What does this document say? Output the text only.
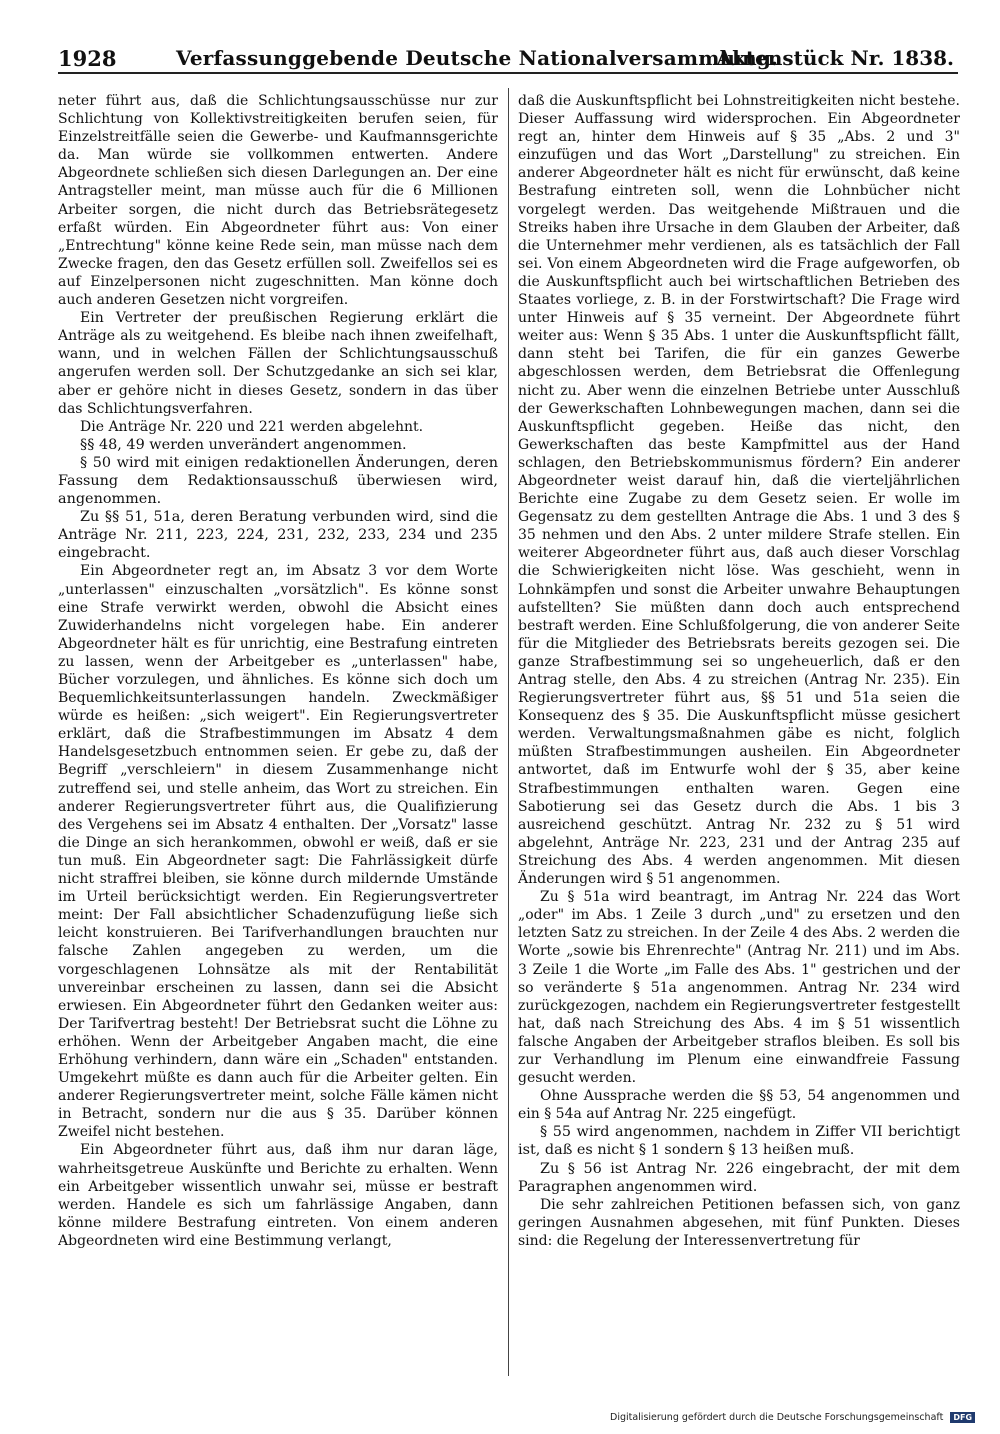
1928	Verfassunggebende Deutsche Nationalversammlung.
Aktenstück Nr. 1838.

neter führt aus, daß die Schlichtungsausschüsse nur zur Schlichtung von Kollektivstreitigkeiten berufen seien, für Einzelstreitfälle seien die Gewerbe- und Kaufmannsgerichte da. Man würde sie vollkommen entwerten. Andere Abgeordnete schließen sich diesen Darlegungen an. Der eine Antragsteller meint, man müsse auch für die 6 Millionen Arbeiter sorgen, die nicht durch das Betriebsrätegesetz erfaßt würden. Ein Abgeordneter führt aus: Von einer „Entrechtung" könne keine Rede sein, man müsse nach dem Zwecke fragen, den das Gesetz erfüllen soll. Zweifellos sei es auf Einzelpersonen nicht zugeschnitten. Man könne doch auch anderen Gesetzen nicht vorgreifen.

Ein Vertreter der preußischen Regierung erklärt die Anträge als zu weitgehend. Es bleibe nach ihnen zweifelhaft, wann, und in welchen Fällen der Schlichtungsausschuß angerufen werden soll. Der Schutzgedanke an sich sei klar, aber er gehöre nicht in dieses Gesetz, sondern in das über das Schlichtungsverfahren.

Die Anträge Nr. 220 und 221 werden abgelehnt.

§§ 48, 49 werden unverändert angenommen.

§ 50 wird mit einigen redaktionellen Änderungen, deren Fassung dem Redaktionsausschuß überwiesen wird, angenommen.

Zu §§ 51, 51a, deren Beratung verbunden wird, sind die Anträge Nr. 211, 223, 224, 231, 232, 233, 234 und 235 eingebracht.

Ein Abgeordneter regt an, im Absatz 3 vor dem Worte „unterlassen" einzuschalten „vorsätzlich". Es könne sonst eine Strafe verwirkt werden, obwohl die Absicht eines Zuwiderhandelns nicht vorgelegen habe. Ein anderer Abgeordneter hält es für unrichtig, eine Bestrafung eintreten zu lassen, wenn der Arbeitgeber es „unterlassen" habe, Bücher vorzulegen, und ähnliches. Es könne sich doch um Bequemlichkeitsunterlassungen handeln. Zweckmäßiger würde es heißen: „sich weigert". Ein Regierungsvertreter erklärt, daß die Strafbestimmungen im Absatz 4 dem Handelsgesetzbuch entnommen seien. Er gebe zu, daß der Begriff „verschleiern" in diesem Zusammenhange nicht zutreffend sei, und stelle anheim, das Wort zu streichen. Ein anderer Regierungsvertreter führt aus, die Qualifizierung des Vergehens sei im Absatz 4 enthalten. Der „Vorsatz" lasse die Dinge an sich herankommen, obwohl er weiß, daß er sie tun muß. Ein Abgeordneter sagt: Die Fahrlässigkeit dürfe nicht straffrei bleiben, sie könne durch mildernde Umstände im Urteil berücksichtigt werden. Ein Regierungsvertreter meint: Der Fall absichtlicher Schadenzufügung ließe sich leicht konstruieren. Bei Tarifverhandlungen brauchten nur falsche Zahlen angegeben zu werden, um die vorgeschlagenen Lohnsätze als mit der Rentabilität unvereinbar erscheinen zu lassen, dann sei die Absicht erwiesen. Ein Abgeordneter führt den Gedanken weiter aus: Der Tarifvertrag besteht! Der Betriebsrat sucht die Löhne zu erhöhen. Wenn der Arbeitgeber Angaben macht, die eine Erhöhung verhindern, dann wäre ein „Schaden" entstanden. Umgekehrt müßte es dann auch für die Arbeiter gelten. Ein anderer Regierungsvertreter meint, solche Fälle kämen nicht in Betracht, sondern nur die aus § 35. Darüber können Zweifel nicht bestehen.

Ein Abgeordneter führt aus, daß ihm nur daran läge, wahrheitsgetreue Auskünfte und Berichte zu erhalten. Wenn ein Arbeitgeber wissentlich unwahr sei, müsse er bestraft werden. Handele es sich um fahrlässige Angaben, dann könne mildere Bestrafung eintreten. Von einem anderen Abgeordneten wird eine Bestimmung verlangt,

daß die Auskunftspflicht bei Lohnstreitigkeiten nicht bestehe. Dieser Auffassung wird widersprochen. Ein Abgeordneter regt an, hinter dem Hinweis auf § 35 „Abs. 2 und 3" einzufügen und das Wort „Darstellung" zu streichen. Ein anderer Abgeordneter hält es nicht für erwünscht, daß keine Bestrafung eintreten soll, wenn die Lohnbücher nicht vorgelegt werden. Das weitgehende Mißtrauen und die Streiks haben ihre Ursache in dem Glauben der Arbeiter, daß die Unternehmer mehr verdienen, als es tatsächlich der Fall sei. Von einem Abgeordneten wird die Frage aufgeworfen, ob die Auskunftspflicht auch bei wirtschaftlichen Betrieben des Staates vorliege, z. B. in der Forstwirtschaft? Die Frage wird unter Hinweis auf § 35 verneint. Der Abgeordnete führt weiter aus: Wenn § 35 Abs. 1 unter die Auskunftspflicht fällt, dann steht bei Tarifen, die für ein ganzes Gewerbe abgeschlossen werden, dem Betriebsrat die Offenlegung nicht zu. Aber wenn die einzelnen Betriebe unter Ausschluß der Gewerkschaften Lohnbewegungen machen, dann sei die Auskunftspflicht gegeben. Heiße das nicht, den Gewerkschaften das beste Kampfmittel aus der Hand schlagen, den Betriebskommunismus fördern? Ein anderer Abgeordneter weist darauf hin, daß die vierteljährlichen Berichte eine Zugabe zu dem Gesetz seien. Er wolle im Gegensatz zu dem gestellten Antrage die Abs. 1 und 3 des § 35 nehmen und den Abs. 2 unter mildere Strafe stellen. Ein weiterer Abgeordneter führt aus, daß auch dieser Vorschlag die Schwierigkeiten nicht löse. Was geschieht, wenn in Lohnkämpfen und sonst die Arbeiter unwahre Behauptungen aufstellten? Sie müßten dann doch auch entsprechend bestraft werden. Eine Schlußfolgerung, die von anderer Seite für die Mitglieder des Betriebsrats bereits gezogen sei. Die ganze Strafbestimmung sei so ungeheuerlich, daß er den Antrag stelle, den Abs. 4 zu streichen (Antrag Nr. 235). Ein Regierungsvertreter führt aus, §§ 51 und 51a seien die Konsequenz des § 35. Die Auskunftspflicht müsse gesichert werden. Verwaltungsmaßnahmen gäbe es nicht, folglich müßten Strafbestimmungen ausheilen. Ein Abgeordneter antwortet, daß im Entwurfe wohl der § 35, aber keine Strafbestimmungen enthalten waren. Gegen eine Sabotierung sei das Gesetz durch die Abs. 1 bis 3 ausreichend geschützt. Antrag Nr. 232 zu § 51 wird abgelehnt, Anträge Nr. 223, 231 und der Antrag 235 auf Streichung des Abs. 4 werden angenommen. Mit diesen Änderungen wird § 51 angenommen.

Zu § 51a wird beantragt, im Antrag Nr. 224 das Wort „oder" im Abs. 1 Zeile 3 durch „und" zu ersetzen und den letzten Satz zu streichen. In der Zeile 4 des Abs. 2 werden die Worte „sowie bis Ehrenrechte" (Antrag Nr. 211) und im Abs. 3 Zeile 1 die Worte „im Falle des Abs. 1" gestrichen und der so veränderte § 51a angenommen. Antrag Nr. 234 wird zurückgezogen, nachdem ein Regierungsvertreter festgestellt hat, daß nach Streichung des Abs. 4 im § 51 wissentlich falsche Angaben der Arbeitgeber straflos bleiben. Es soll bis zur Verhandlung im Plenum eine einwandfreie Fassung gesucht werden.

Ohne Aussprache werden die §§ 53, 54 angenommen und ein § 54a auf Antrag Nr. 225 eingefügt.

§ 55 wird angenommen, nachdem in Ziffer VII berichtigt ist, daß es nicht § 1 sondern § 13 heißen muß.

Zu § 56 ist Antrag Nr. 226 eingebracht, der mit dem Paragraphen angenommen wird.

Die sehr zahlreichen Petitionen befassen sich, von ganz geringen Ausnahmen abgesehen, mit fünf Punkten. Dieses sind: die Regelung der Interessenvertretung für

Digitalisierung gefördert durch die Deutsche Forschungsgemeinschaft DFG
